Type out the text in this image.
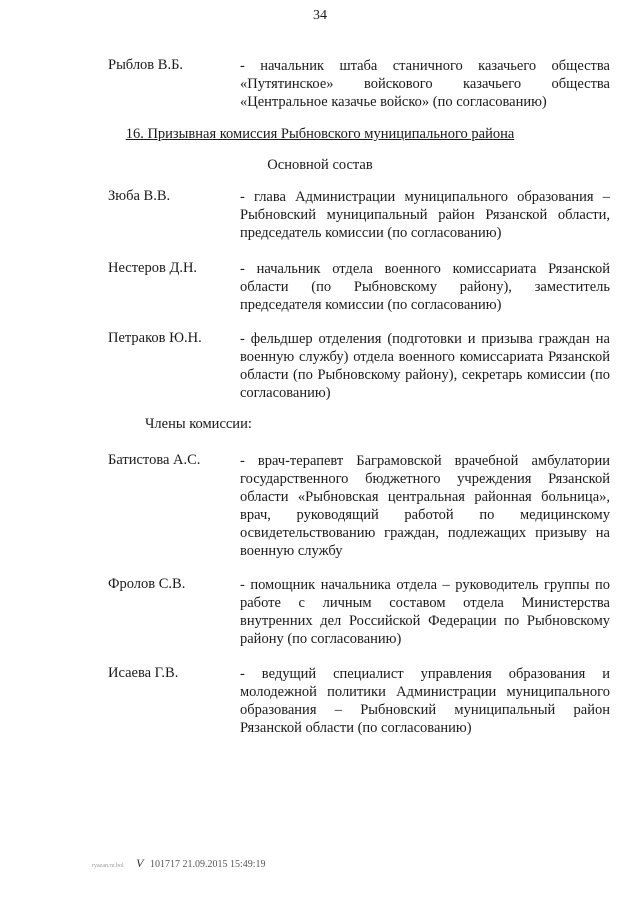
34
Рыблов В.Б.	- начальник штаба станичного казачьего общества «Путятинское» войскового казачьего общества «Центральное казачье войско» (по согласованию)
16. Призывная комиссия Рыбновского муниципального района
Основной состав
Зюба В.В.	- глава Администрации муниципального образования – Рыбновский муниципальный район Рязанской области, председатель комиссии (по согласованию)
Нестеров Д.Н.	- начальник отдела военного комиссариата Рязанской области (по Рыбновскому району), заместитель председателя комиссии (по согласованию)
Петраков Ю.Н.	- фельдшер отделения (подготовки и призыва граждан на военную службу) отдела военного комиссариата Рязанской области (по Рыбновскому району), секретарь комиссии (по согласованию)
Члены комиссии:
Батистова А.С.	- врач-терапевт Баграмовской врачебной амбулатории государственного бюджетного учреждения Рязанской области «Рыбновская центральная районная больница», врач, руководящий работой по медицинскому освидетельствованию граждан, подлежащих призыву на военную службу
Фролов С.В.	- помощник начальника отдела – руководитель группы по работе с личным составом отдела Министерства внутренних дел Российской Федерации по Рыбновскому району (по согласованию)
Исаева Г.В.	- ведущий специалист управления образования и молодежной политики Администрации муниципального образования – Рыбновский муниципальный район Рязанской области (по согласованию)
ryazan.ru.bol V 101717 21.09.2015 15:49:19
